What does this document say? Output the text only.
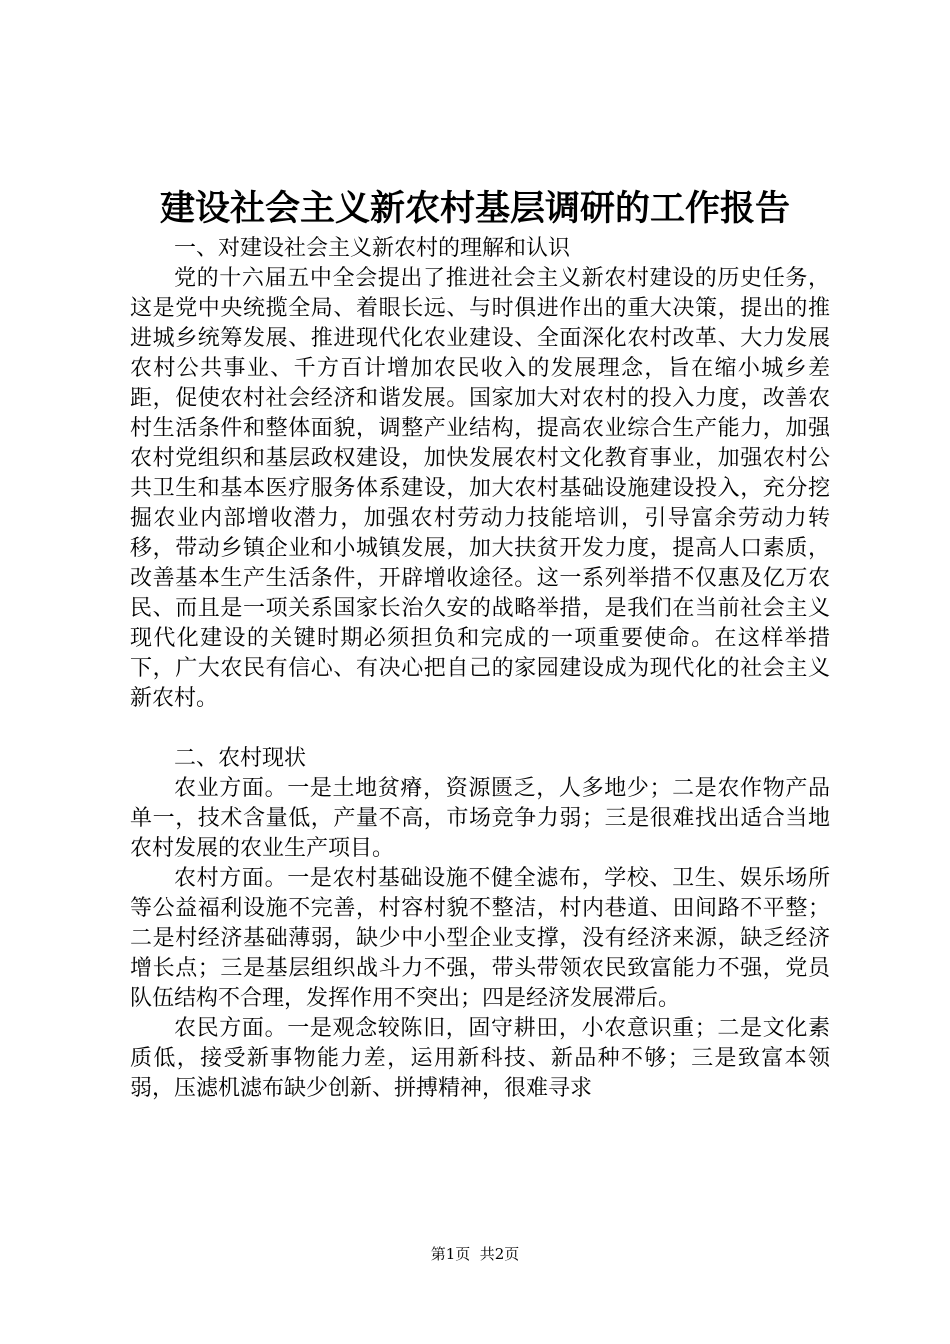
建设社会主义新农村基层调研的工作报告

一、对建设社会主义新农村的理解和认识

党的十六届五中全会提出了推进社会主义新农村建设的历史任务，这是党中央统揽全局、着眼长远、与时俱进作出的重大决策，提出的推进城乡统筹发展、推进现代化农业建设、全面深化农村改革、大力发展农村公共事业、千方百计增加农民收入的发展理念，旨在缩小城乡差距，促使农村社会经济和谐发展。国家加大对农村的投入力度，改善农村生活条件和整体面貌，调整产业结构，提高农业综合生产能力，加强农村党组织和基层政权建设，加快发展农村文化教育事业，加强农村公共卫生和基本医疗服务体系建设，加大农村基础设施建设投入，充分挖掘农业内部增收潜力，加强农村劳动力技能培训，引导富余劳动力转移，带动乡镇企业和小城镇发展，加大扶贫开发力度，提高人口素质，改善基本生产生活条件，开辟增收途径。这一系列举措不仅惠及亿万农民、而且是一项关系国家长治久安的战略举措，是我们在当前社会主义现代化建设的关键时期必须担负和完成的一项重要使命。在这样举措下，广大农民有信心、有决心把自己的家园建设成为现代化的社会主义新农村。

二、农村现状

农业方面。一是土地贫瘠，资源匮乏，人多地少；二是农作物产品单一，技术含量低，产量不高，市场竞争力弱；三是很难找出适合当地农村发展的农业生产项目。

农村方面。一是农村基础设施不健全滤布，学校、卫生、娱乐场所等公益福利设施不完善，村容村貌不整洁，村内巷道、田间路不平整；二是村经济基础薄弱，缺少中小型企业支撑，没有经济来源，缺乏经济增长点；三是基层组织战斗力不强，带头带领农民致富能力不强，党员队伍结构不合理，发挥作用不突出；四是经济发展滞后。

农民方面。一是观念较陈旧，固守耕田，小农意识重；二是文化素质低，接受新事物能力差，运用新科技、新品种不够；三是致富本领弱，压滤机滤布缺少创新、拼搏精神，很难寻求

第1页  共2页
